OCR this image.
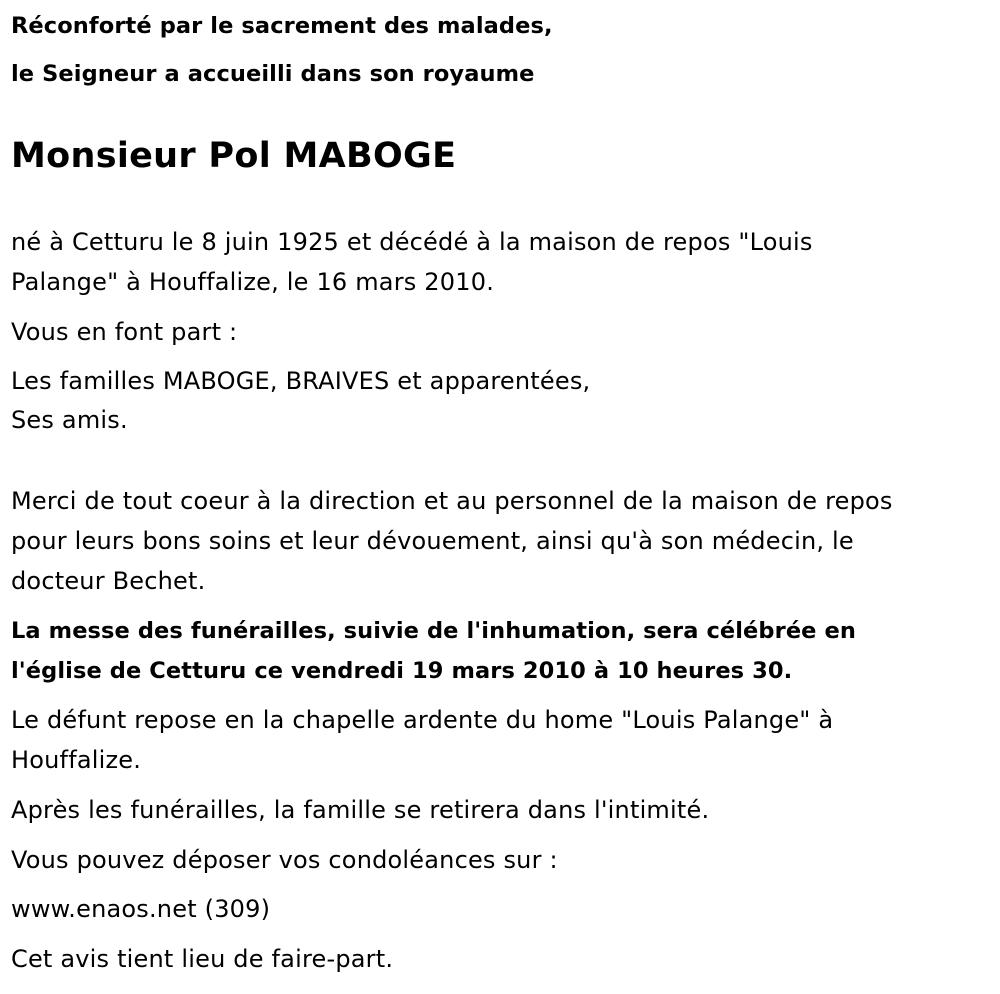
Réconforté par le sacrement des malades,

le Seigneur a accueilli dans son royaume

Monsieur Pol MABOGE

né à Cetturu le 8 juin 1925 et décédé à la maison de repos "Louis

Palange" à Houffalize, le 16 mars 2010.

Vous en font part :

Les familles MABOGE, BRAIVES et apparentées,

Ses amis.

Merci de tout coeur à la direction et au personnel de la maison de repos

pour leurs bons soins et leur dévouement, ainsi qu'à son médecin, le

docteur Bechet.

La messe des funérailles, suivie de l'inhumation, sera célébrée en

l'église de Cetturu ce vendredi 19 mars 2010 à 10 heures 30.

Le défunt repose en la chapelle ardente du home "Louis Palange" à

Houffalize.

Après les funérailles, la famille se retirera dans l'intimité.

Vous pouvez déposer vos condoléances sur :

www.enaos.net (309)

Cet avis tient lieu de faire-part.
